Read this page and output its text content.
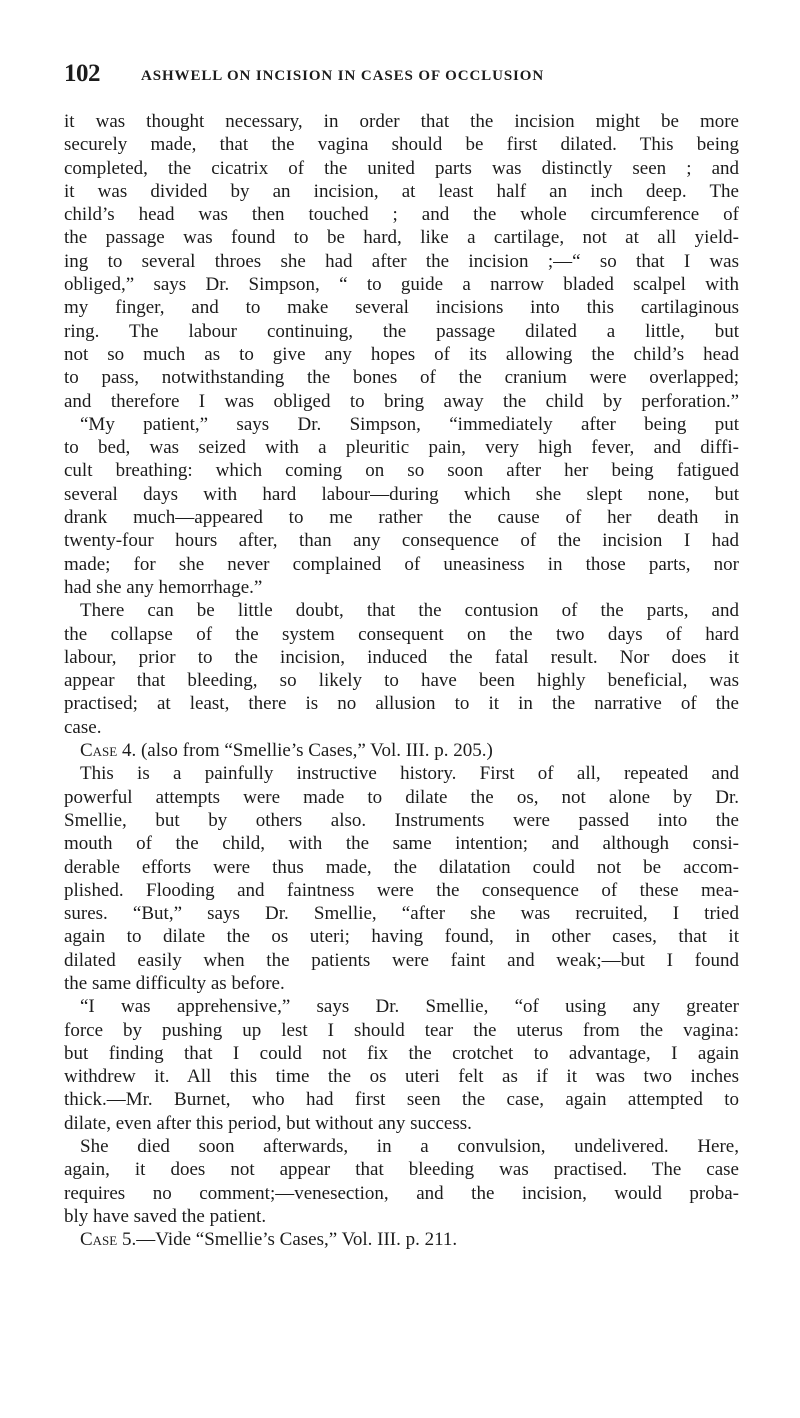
102	ASHWELL ON INCISION IN CASES OF OCCLUSION
it was thought necessary, in order that the incision might be more
securely made, that the vagina should be first dilated. This being
completed, the cicatrix of the united parts was distinctly seen ; and
it was divided by an incision, at least half an inch deep. The
child’s head was then touched ; and the whole circumference of
the passage was found to be hard, like a cartilage, not at all yield-
ing to several throes she had after the incision ;—“ so that I was
obliged,” says Dr. Simpson, “ to guide a narrow bladed scalpel with
my finger, and to make several incisions into this cartilaginous
ring. The labour continuing, the passage dilated a little, but
not so much as to give any hopes of its allowing the child’s head
to pass, notwithstanding the bones of the cranium were overlapped;
and therefore I was obliged to bring away the child by perforation.”
“My patient,” says Dr. Simpson, “immediately after being put
to bed, was seized with a pleuritic pain, very high fever, and diffi-
cult breathing: which coming on so soon after her being fatigued
several days with hard labour—during which she slept none, but
drank much—appeared to me rather the cause of her death in
twenty-four hours after, than any consequence of the incision I had
made; for she never complained of uneasiness in those parts, nor
had she any hemorrhage.”
There can be little doubt, that the contusion of the parts, and
the collapse of the system consequent on the two days of hard
labour, prior to the incision, induced the fatal result. Nor does it
appear that bleeding, so likely to have been highly beneficial, was
practised; at least, there is no allusion to it in the narrative of the
case.
Case 4. (also from “Smellie’s Cases,” Vol. III. p. 205.)
This is a painfully instructive history. First of all, repeated and
powerful attempts were made to dilate the os, not alone by Dr.
Smellie, but by others also. Instruments were passed into the
mouth of the child, with the same intention; and although consi-
derable efforts were thus made, the dilatation could not be accom-
plished. Flooding and faintness were the consequence of these mea-
sures. “But,” says Dr. Smellie, “after she was recruited, I tried
again to dilate the os uteri; having found, in other cases, that it
dilated easily when the patients were faint and weak;—but I found
the same difficulty as before.
“I was apprehensive,” says Dr. Smellie, “of using any greater
force by pushing up lest I should tear the uterus from the vagina:
but finding that I could not fix the crotchet to advantage, I again
withdrew it. All this time the os uteri felt as if it was two inches
thick.—Mr. Burnet, who had first seen the case, again attempted to
dilate, even after this period, but without any success.
She died soon afterwards, in a convulsion, undelivered. Here,
again, it does not appear that bleeding was practised. The case
requires no comment;—venesection, and the incision, would proba-
bly have saved the patient.
Case 5.—Vide “Smellie’s Cases,” Vol. III. p. 211.
